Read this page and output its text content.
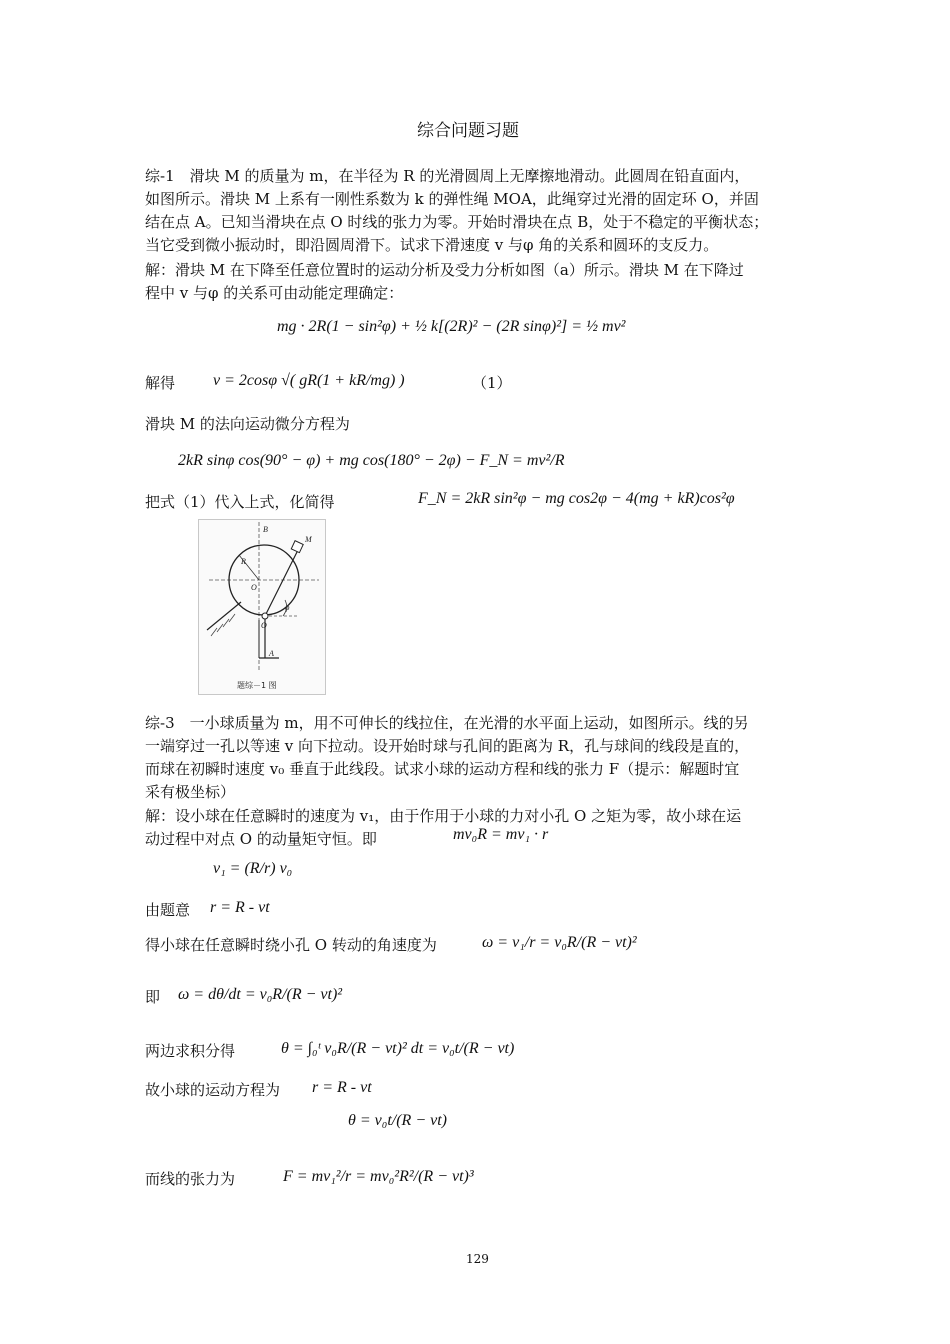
综合问题习题
综-1　滑块 M 的质量为 m，在半径为 R 的光滑圆周上无摩擦地滑动。此圆周在铅直面内，
如图所示。滑块 M 上系有一刚性系数为 k 的弹性绳 MOA，此绳穿过光滑的固定环 O，并固
结在点 A。已知当滑块在点 O 时线的张力为零。开始时滑块在点 B，处于不稳定的平衡状态；
当它受到微小振动时，即沿圆周滑下。试求下滑速度 v 与φ 角的关系和圆环的支反力。
解：滑块 M 在下降至任意位置时的运动分析及受力分析如图（a）所示。滑块 M 在下降过
程中 v 与φ 的关系可由动能定理确定：
mg · 2R(1 − sin²φ) + ½ k[(2R)² − (2R sinφ)²] = ½ mv²
解得 v = 2cosφ √( gR(1 + kR/mg) )	（1）
滑块 M 的法向运动微分方程为
2kR sinφ cos(90° − φ) + mg cos(180° − 2φ) − F_N = mv²/R
把式（1）代入上式，化简得	F_N = 2kR sin²φ − mg cos2φ − 4(mg + kR)cos²φ
B
M
R
O
φ
O
A
题综－1 图
综-3　一小球质量为 m，用不可伸长的线拉住，在光滑的水平面上运动，如图所示。线的另
一端穿过一孔以等速 v 向下拉动。设开始时球与孔间的距离为 R，孔与球间的线段是直的，
而球在初瞬时速度 v₀ 垂直于此线段。试求小球的运动方程和线的张力 F（提示：解题时宜
采有极坐标）
解：设小球在任意瞬时的速度为 v₁，由于作用于小球的力对小孔 O 之矩为零，故小球在运
动过程中对点 O 的动量矩守恒。即	mv₀R = mv₁ · r
v₁ = (R/r) v₀
由题意 r = R - vt
得小球在任意瞬时绕小孔 O 转动的角速度为	ω = v₁/r = v₀R/(R − vt)²
即 ω = dθ/dt = v₀R/(R − vt)²
两边求积分得	θ = ∫₀ᵗ v₀R/(R − vt)² dt = v₀t/(R − vt)
故小球的运动方程为 r = R - vt
θ = v₀t/(R − vt)
而线的张力为	F = mv₁²/r = mv₀²R²/(R − vt)³
129
